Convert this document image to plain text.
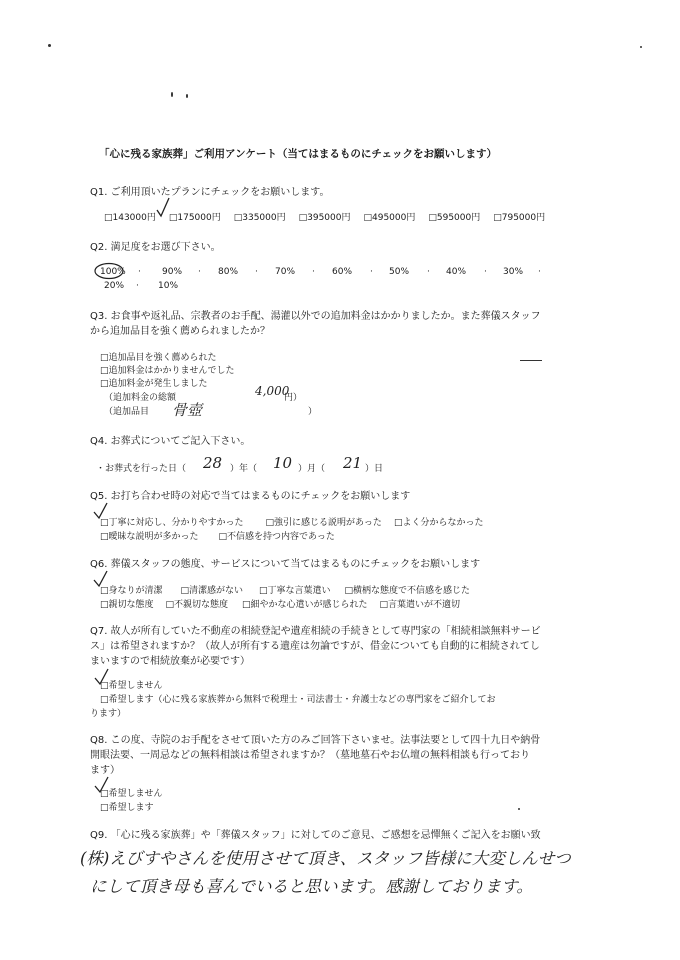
「心に残る家族葬」ご利用アンケート（当てはまるものにチェックをお願いします）
Q1. ご利用頂いたプランにチェックをお願いします。
□143000円 □175000円 □335000円 □395000円 □495000円 □595000円 □795000円
Q2. 満足度をお選び下さい。
100% · 90% · 80% · 70% · 60% · 50% · 40% · 30% ·
20% · 10%
Q3. お食事や返礼品、宗教者のお手配、湯灌以外での追加料金はかかりましたか。また葬儀スタッフ
から追加品目を強く薦められましたか？
□追加品目を強く薦められた
□追加料金はかかりませんでした
□追加料金が発生しました
（追加料金の総額	4,000
円）
（追加品目 骨壺	）
Q4. お葬式についてご記入下さい。
・お葬式を行った日（ 28 ）年（ 10 ）月（ 21 ）日
Q5. お打ち合わせ時の対応で当てはまるものにチェックをお願いします
□丁寧に対応し、分かりやすかった □強引に感じる説明があった □よく分からなかった
□曖昧な説明が多かった □不信感を持つ内容であった
Q6. 葬儀スタッフの態度、サービスについて当てはまるものにチェックをお願いします
□身なりが清潔 □清潔感がない □丁寧な言葉遣い □横柄な態度で不信感を感じた
□親切な態度 □不親切な態度 □細やかな心遣いが感じられた □言葉遣いが不適切
Q7. 故人が所有していた不動産の相続登記や遺産相続の手続きとして専門家の「相続相談無料サービ
ス」は希望されますか？（故人が所有する遺産は勿論ですが、借金についても自動的に相続されてし
まいますので相続放棄が必要です）
□希望しません
□希望します（心に残る家族葬から無料で税理士・司法書士・弁護士などの専門家をご紹介してお
ります）
Q8. この度、寺院のお手配をさせて頂いた方のみご回答下さいませ。法事法要として四十九日や納骨
開眼法要、一周忌などの無料相談は希望されますか？（墓地墓石やお仏壇の無料相談も行っており
ます）
□希望しません
□希望します
Q9. 「心に残る家族葬」や「葬儀スタッフ」に対してのご意見、ご感想を忌憚無くご記入をお願い致
(株)えびすやさんを使用させて頂き、スタッフ皆様に大変しんせつ
にして頂き母も喜んでいると思います。感謝しております。
